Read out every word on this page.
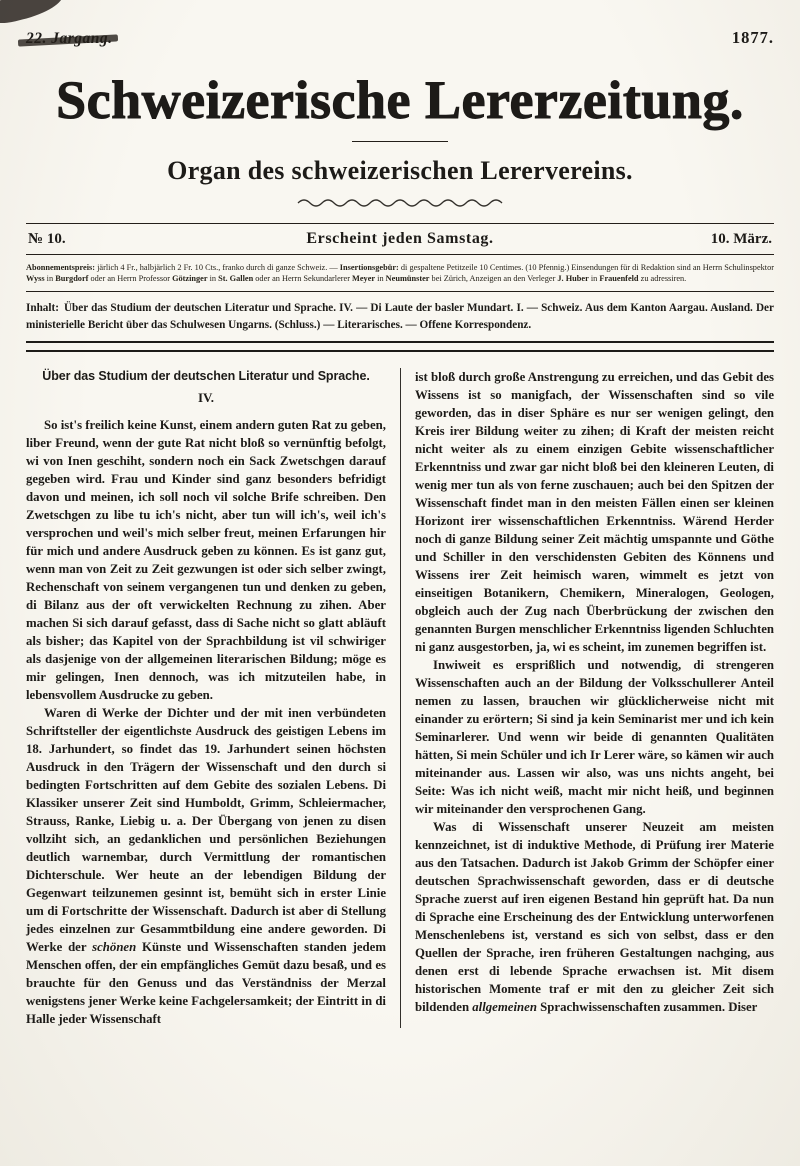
1877.
Schweizerische Lererzeitung.
Organ des schweizerischen Lerervereins.
№ 10.	Erscheint jeden Samstag.	10. März.

Abonnementspreis: järlich 4 Fr., halbjärlich 2 Fr. 10 Cts., franko durch di ganze Schweiz. — Insertionsgebür: di gespaltene Petitzeile 10 Centimes. (10 Pfennig.) Einsendungen für di Redaktion sind an Herrn Schulinspektor Wyss in Burgdorf oder an Herrn Professor Götzinger in St. Gallen oder an Herrn Sekundarlerer Meyer in Neumünster bei Zürich, Anzeigen an den Verleger J. Huber in Frauenfeld zu adressiren.

Inhalt: Über das Studium der deutschen Literatur und Sprache. IV. — Di Laute der basler Mundart. I. — Schweiz. Aus dem Kanton Aargau. Ausland. Der ministerielle Bericht über das Schulwesen Ungarns. (Schluss.) — Literarisches. — Offene Korrespondenz.

Über das Studium der deutschen Literatur und Sprache.
IV.

So ist's freilich keine Kunst, einem andern guten Rat zu geben, liber Freund, wenn der gute Rat nicht bloß so vernünftig befolgt, wi von Inen geschiht, sondern noch ein Sack Zwetschgen darauf gegeben wird. Frau und Kinder sind ganz besonders befridigt davon und meinen, ich soll noch vil solche Brife schreiben. Den Zwetschgen zu libe tu ich's nicht, aber tun will ich's, weil ich's versprochen und weil's mich selber freut, meinen Erfarungen hir für mich und andere Ausdruck geben zu können. Es ist ganz gut, wenn man von Zeit zu Zeit gezwungen ist oder sich selber zwingt, Rechenschaft von seinem vergangenen tun und denken zu geben, di Bilanz aus der oft verwickelten Rechnung zu zihen. Aber machen Si sich darauf gefasst, dass di Sache nicht so glatt abläuft als bisher; das Kapitel von der Sprachbildung ist vil schwiriger als dasjenige von der allgemeinen literarischen Bildung; möge es mir gelingen, Inen dennoch, was ich mitzuteilen habe, in lebensvollem Ausdrucke zu geben.

Waren di Werke der Dichter und der mit inen verbündeten Schriftsteller der eigentlichste Ausdruck des geistigen Lebens im 18. Jarhundert, so findet das 19. Jarhundert seinen höchsten Ausdruck in den Trägern der Wissenschaft und den durch si bedingten Fortschritten auf dem Gebite des sozialen Lebens. Di Klassiker unserer Zeit sind Humboldt, Grimm, Schleiermacher, Strauss, Ranke, Liebig u. a. Der Übergang von jenen zu disen vollziht sich, an gedanklichen und persönlichen Beziehungen deutlich warnembar, durch Vermittlung der romantischen Dichterschule. Wer heute an der lebendigen Bildung der Gegenwart teilzunemen gesinnt ist, bemüht sich in erster Linie um di Fortschritte der Wissenschaft. Dadurch ist aber di Stellung jedes einzelnen zur Gesammtbildung eine andere geworden. Di Werke der schönen Künste und Wissenschaften standen jedem Menschen offen, der ein empfängliches Gemüt dazu besaß, und es brauchte für den Genuss und das Verständniss der Merzal wenigstens jener Werke keine Fachgelersamkeit; der Eintritt in di Halle jeder Wissenschaft

ist bloß durch große Anstrengung zu erreichen, und das Gebit des Wissens ist so manigfach, der Wissenschaften sind so vile geworden, das in diser Sphäre es nur ser wenigen gelingt, den Kreis irer Bildung weiter zu zihen; di Kraft der meisten reicht nicht weiter als zu einem einzigen Gebite wissenschaftlicher Erkenntniss und zwar gar nicht bloß bei den kleineren Leuten, di wenig mer tun als von ferne zuschauen; auch bei den Spitzen der Wissenschaft findet man in den meisten Fällen einen ser kleinen Horizont irer wissenschaftlichen Erkenntniss. Wärend Herder noch di ganze Bildung seiner Zeit mächtig umspannte und Göthe und Schiller in den verschidensten Gebiten des Könnens und Wissens irer Zeit heimisch waren, wimmelt es jetzt von einseitigen Botanikern, Chemikern, Mineralogen, Geologen, obgleich auch der Zug nach Überbrückung der zwischen den genannten Burgen menschlicher Erkenntniss ligenden Schluchten ni ganz ausgestorben, ja, wi es scheint, im zunemen begriffen ist.

Inwiweit es ersprißlich und notwendig, di strengeren Wissenschaften auch an der Bildung der Volksschullerer Anteil nemen zu lassen, brauchen wir glücklicherweise nicht mit einander zu erörtern; Si sind ja kein Seminarist mer und ich kein Seminarlerer. Und wenn wir beide di genannten Qualitäten hätten, Si mein Schüler und ich Ir Lerer wäre, so kämen wir auch miteinander aus. Lassen wir also, was uns nichts angeht, bei Seite: Was ich nicht weiß, macht mir nicht heiß, und beginnen wir miteinander den versprochenen Gang.

Was di Wissenschaft unserer Neuzeit am meisten kennzeichnet, ist di induktive Methode, di Prüfung irer Materie aus den Tatsachen. Dadurch ist Jakob Grimm der Schöpfer einer deutschen Sprachwissenschaft geworden, dass er di deutsche Sprache zuerst auf iren eigenen Bestand hin geprüft hat. Da nun di Sprache eine Erscheinung des der Entwicklung unterworfenen Menschenlebens ist, verstand es sich von selbst, dass er den Quellen der Sprache, iren früheren Gestaltungen nachging, aus denen erst di lebende Sprache erwachsen ist. Mit disem historischen Momente traf er mit den zu gleicher Zeit sich bildenden allgemeinen Sprachwissenschaften zusammen. Diser
